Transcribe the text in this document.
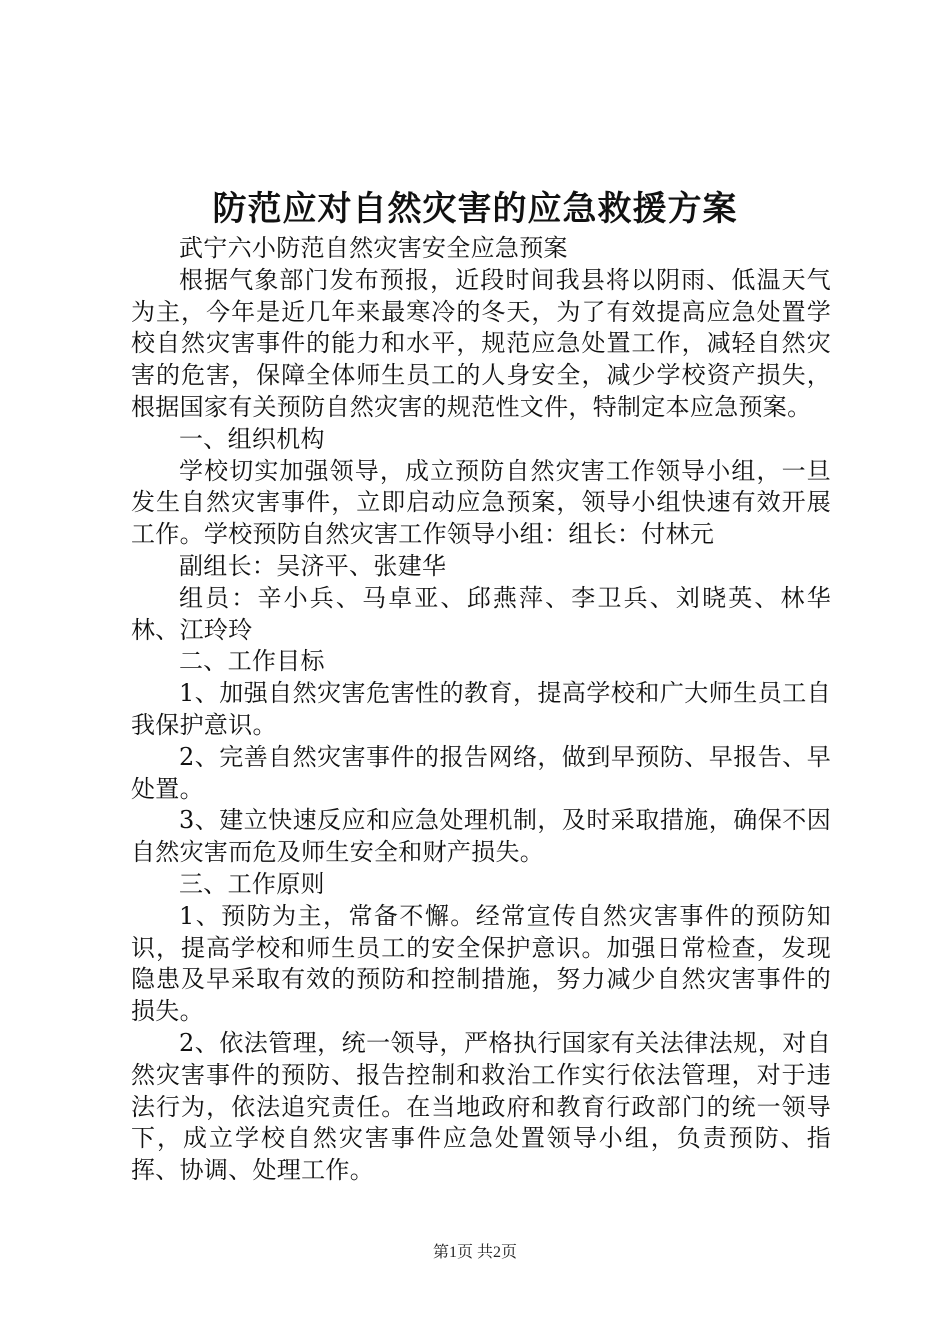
防范应对自然灾害的应急救援方案

武宁六小防范自然灾害安全应急预案

根据气象部门发布预报，近段时间我县将以阴雨、低温天气为主，今年是近几年来最寒冷的冬天，为了有效提高应急处置学校自然灾害事件的能力和水平，规范应急处置工作，减轻自然灾害的危害，保障全体师生员工的人身安全，减少学校资产损失，根据国家有关预防自然灾害的规范性文件，特制定本应急预案。

一、组织机构

学校切实加强领导，成立预防自然灾害工作领导小组，一旦发生自然灾害事件，立即启动应急预案，领导小组快速有效开展工作。学校预防自然灾害工作领导小组：组长：付林元

副组长：吴济平、张建华

组员：辛小兵、马卓亚、邱燕萍、李卫兵、刘晓英、林华林、江玲玲

二、工作目标

1、加强自然灾害危害性的教育，提高学校和广大师生员工自我保护意识。

2、完善自然灾害事件的报告网络，做到早预防、早报告、早处置。

3、建立快速反应和应急处理机制，及时采取措施，确保不因自然灾害而危及师生安全和财产损失。

三、工作原则

1、预防为主，常备不懈。经常宣传自然灾害事件的预防知识，提高学校和师生员工的安全保护意识。加强日常检查，发现隐患及早采取有效的预防和控制措施，努力减少自然灾害事件的损失。

2、依法管理，统一领导，严格执行国家有关法律法规，对自然灾害事件的预防、报告控制和救治工作实行依法管理，对于违法行为，依法追究责任。在当地政府和教育行政部门的统一领导下，成立学校自然灾害事件应急处置领导小组，负责预防、指挥、协调、处理工作。

第1页 共2页
